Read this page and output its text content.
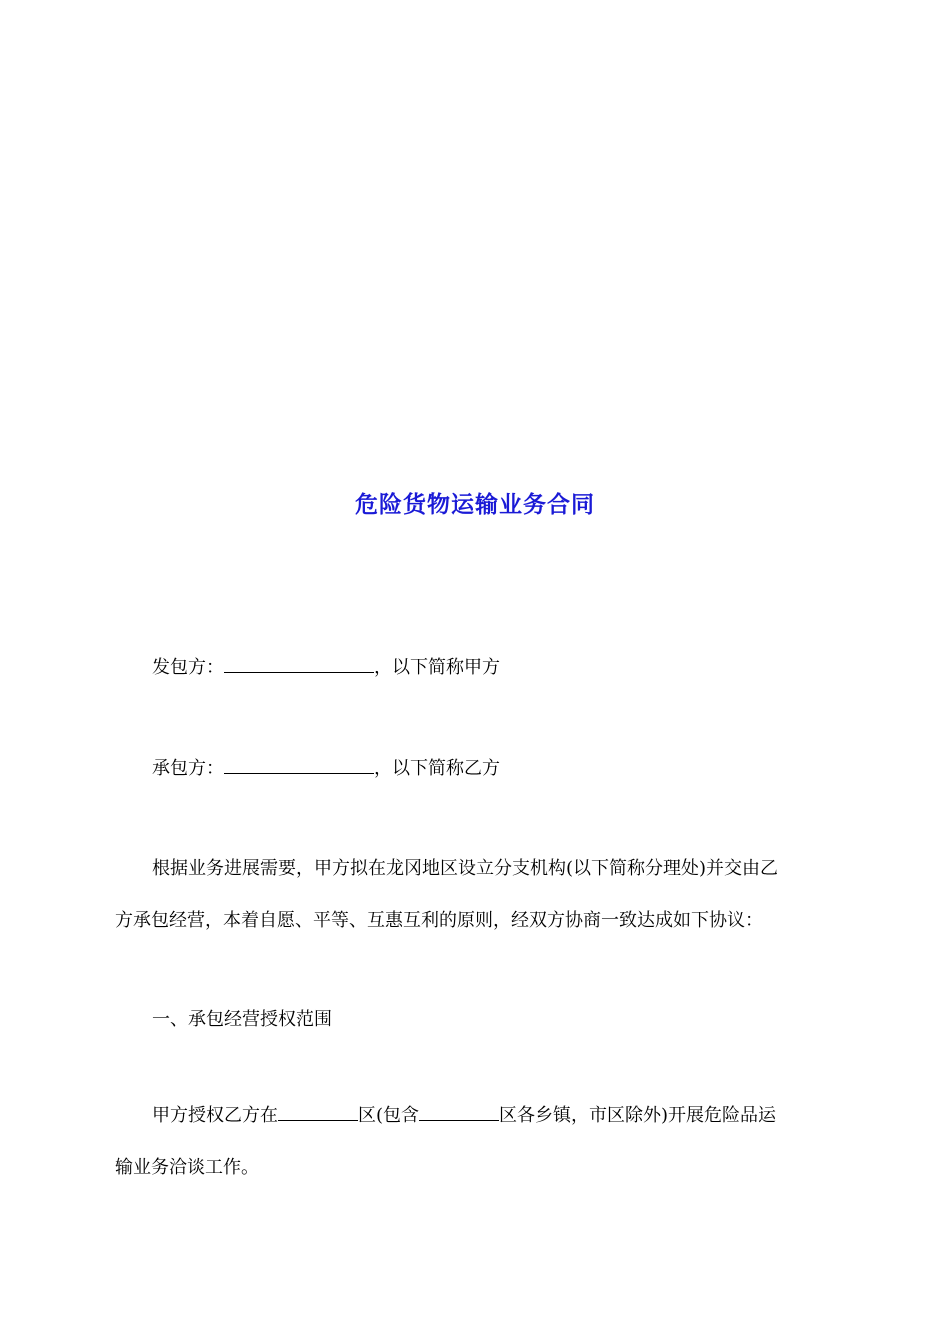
危险货物运输业务合同
发包方：	，以下简称甲方
承包方：	，以下简称乙方
根据业务进展需要，甲方拟在龙冈地区设立分支机构(以下简称分理处)并交由乙
方承包经营，本着自愿、平等、互惠互利的原则，经双方协商一致达成如下协议：
一、承包经营授权范围
甲方授权乙方在	区(包含	区各乡镇，市区除外)开展危险品运
输业务洽谈工作。
